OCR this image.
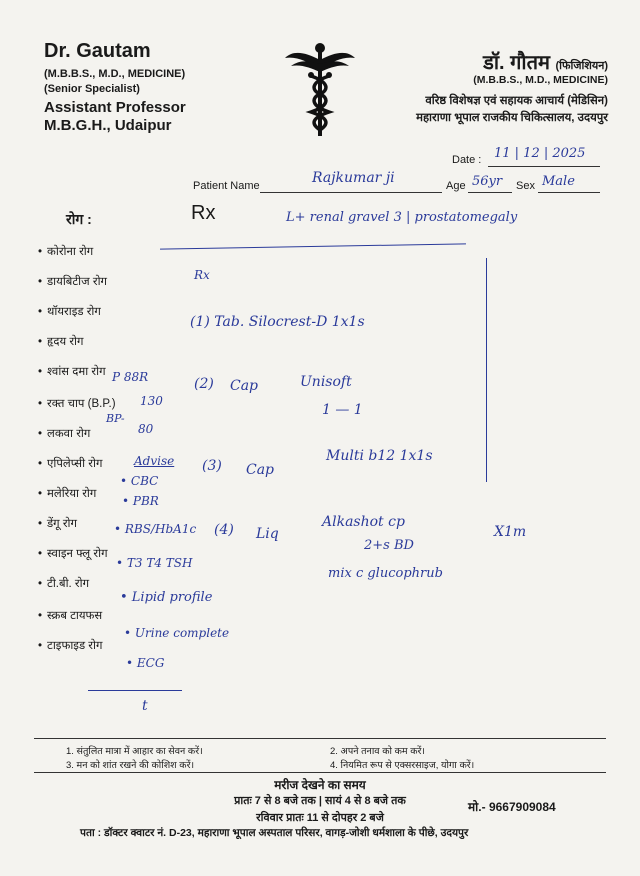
Dr. Gautam
(M.B.B.S., M.D., MEDICINE)
(Senior Specialist)
Assistant Professor
M.B.G.H., Udaipur
डॉ. गौतम (फिजिशियन)
(M.B.B.S., M.D., MEDICINE)
वरिष्ठ विशेषज्ञ एवं सहायक आचार्य (मेडिसिन)
महाराणा भूपाल राजकीय चिकित्सालय, उदयपुर
Date : 11 | 12 | 2025
Patient Name	Rajkumar ji	Age 56yr Sex Male
Rx
रोग :
• कोरोना रोग
• डायबिटीज रोग
• थॉयराइड रोग
• हृदय रोग
• श्वांस दमा रोग
• रक्त चाप (B.P.)
• लकवा रोग
• एपिलेप्सी रोग
• मलेरिया रोग
• डेंगू रोग
• स्वाइन फ्लू रोग
• टी.बी. रोग
• स्क्रब टायफस
• टाइफाइड रोग
L+ renal gravel 3 | prostatomegaly
Rx
(1) Tab. Silocrest-D 1x1s
(2) Cap	Unisoft
1 — 1
(3) Cap
Multi b12 1x1s
(4) Liq
Alkashot cp
2+s BD
mix c glucophrub
X1m
P 88R
130
BP-
80
Advise
• CBC
• PBR
• RBS/HbA1c
• T3 T4 TSH
• Lipid profile
• Urine complete
• ECG
t
1. संतुलित मात्रा में आहार का सेवन करें।	2. अपने तनाव को कम करें।
3. मन को शांत रखने की कोशिश करें।	4. नियमित रूप से एक्सरसाइज, योगा करें।
मरीज देखने का समय
प्रातः 7 से 8 बजे तक | सायं 4 से 8 बजे तक
रविवार प्रातः 11 से दोपहर 2 बजे
मो.- 9667909084
पता : डॉक्टर क्वाटर नं. D-23, महाराणा भूपाल अस्पताल परिसर, वागड़-जोशी धर्मशाला के पीछे, उदयपुर
